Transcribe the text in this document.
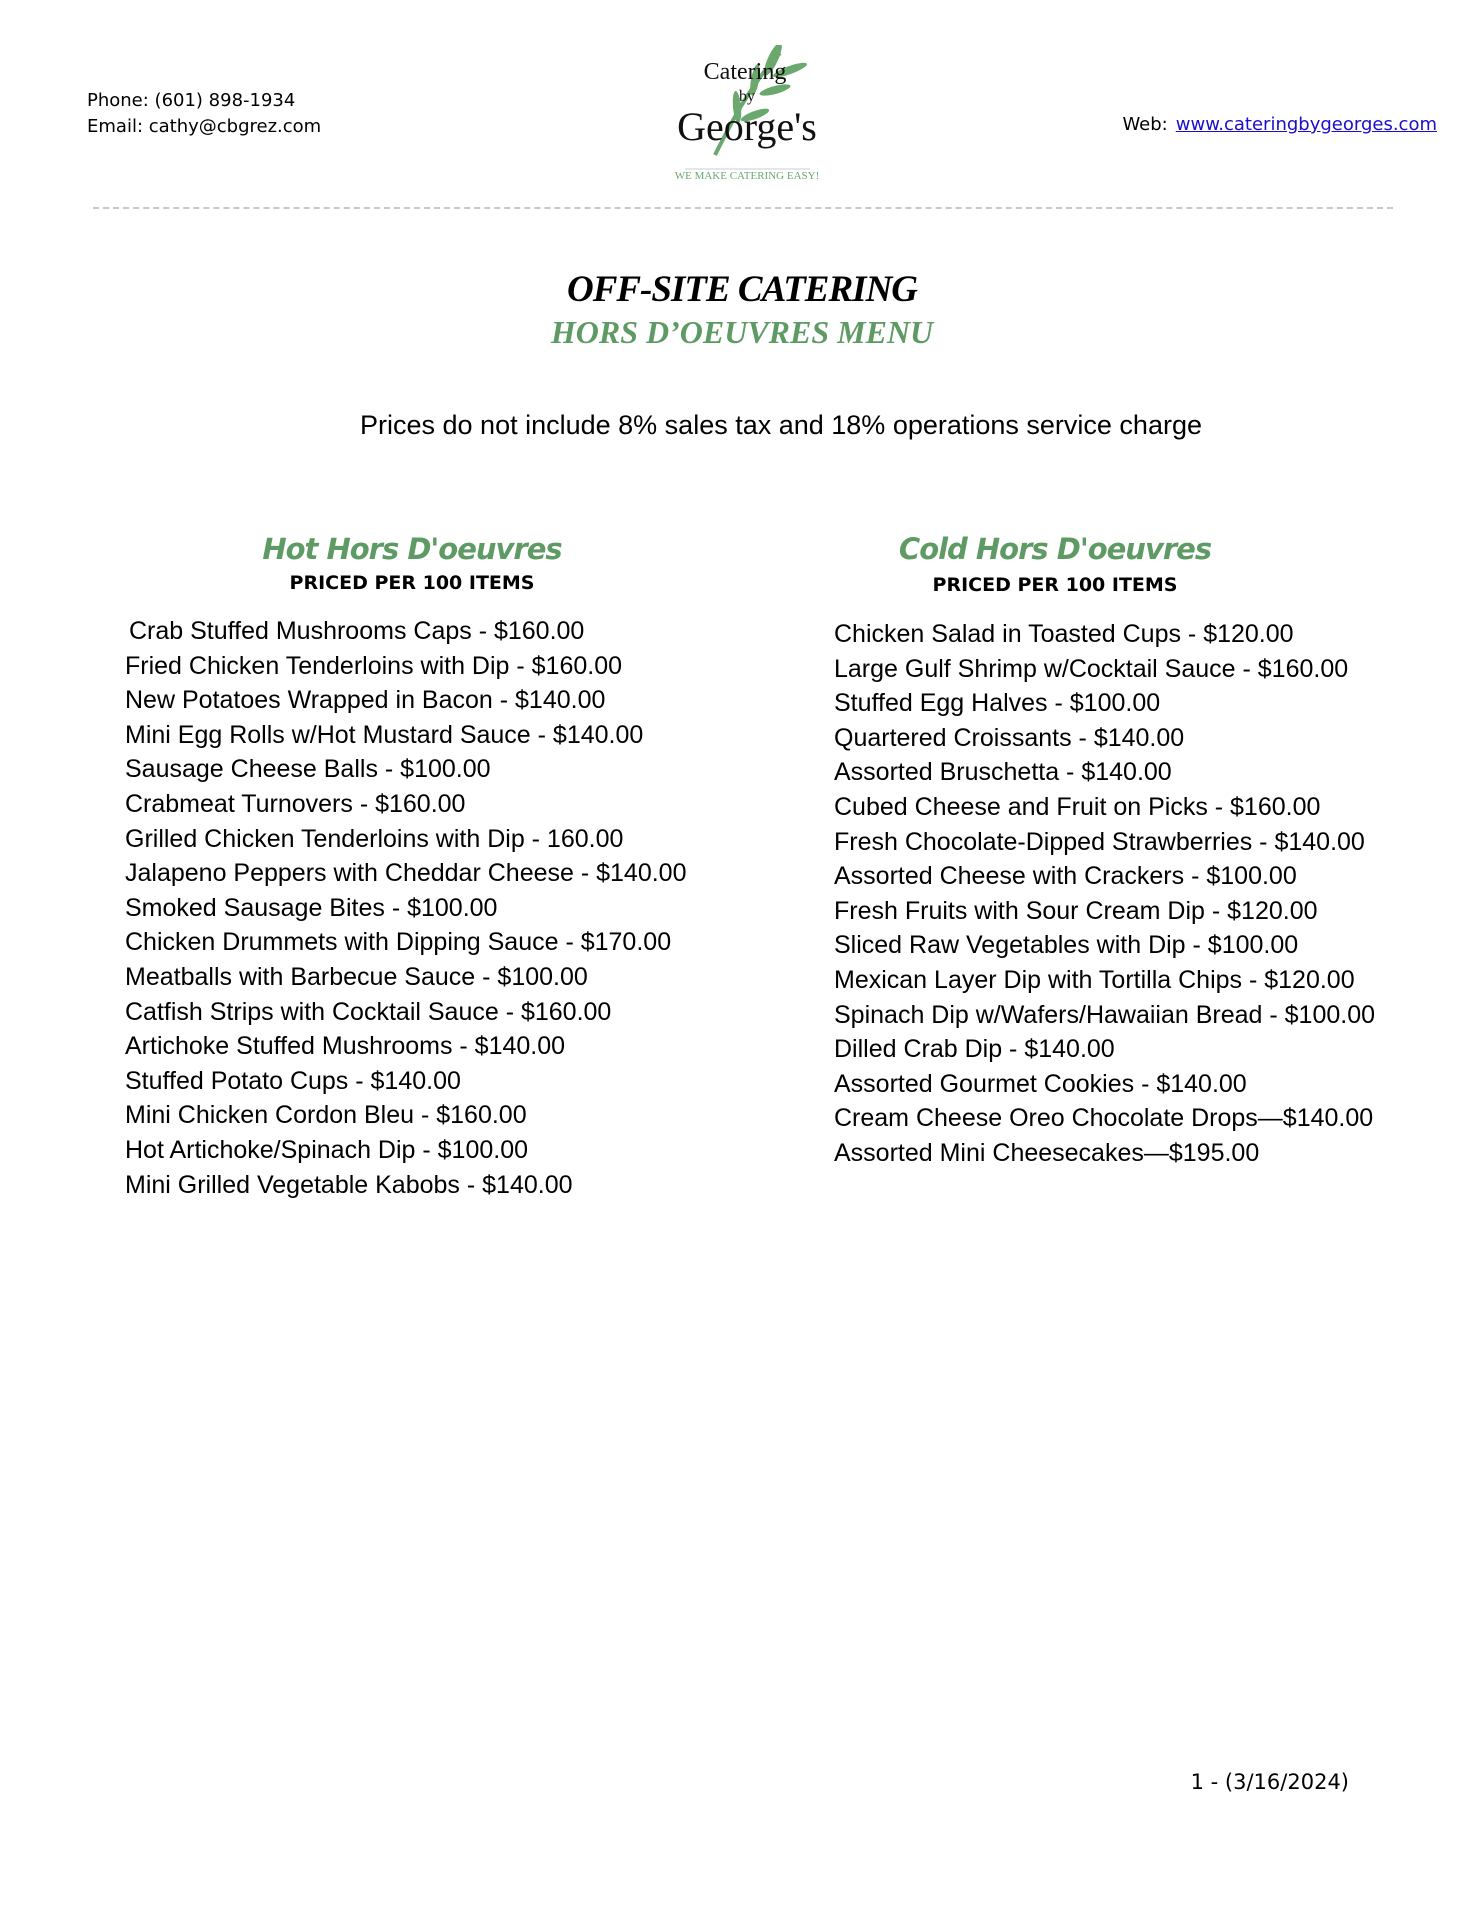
Phone: (601) 898-1934
Email: cathy@cbgrez.com
Catering
by
George's
WE MAKE CATERING EASY!
Web: www.cateringbygeorges.com
OFF-SITE CATERING
HORS D’OEUVRES MENU
Prices do not include 8% sales tax and 18% operations service charge
Hot Hors D'oeuvres
PRICED PER 100 ITEMS
Crab Stuffed Mushrooms Caps - $160.00
Fried Chicken Tenderloins with Dip - $160.00
New Potatoes Wrapped in Bacon - $140.00
Mini Egg Rolls w/Hot Mustard Sauce - $140.00
Sausage Cheese Balls - $100.00
Crabmeat Turnovers - $160.00
Grilled Chicken Tenderloins with Dip - 160.00
Jalapeno Peppers with Cheddar Cheese - $140.00
Smoked Sausage Bites - $100.00
Chicken Drummets with Dipping Sauce - $170.00
Meatballs with Barbecue Sauce - $100.00
Catfish Strips with Cocktail Sauce - $160.00
Artichoke Stuffed Mushrooms - $140.00
Stuffed Potato Cups - $140.00
Mini Chicken Cordon Bleu - $160.00
Hot Artichoke/Spinach Dip - $100.00
Mini Grilled Vegetable Kabobs - $140.00
Cold Hors D'oeuvres
PRICED PER 100 ITEMS
Chicken Salad in Toasted Cups - $120.00
Large Gulf Shrimp w/Cocktail Sauce - $160.00
Stuffed Egg Halves - $100.00
Quartered Croissants - $140.00
Assorted Bruschetta - $140.00
Cubed Cheese and Fruit on Picks - $160.00
Fresh Chocolate-Dipped Strawberries - $140.00
Assorted Cheese with Crackers - $100.00
Fresh Fruits with Sour Cream Dip - $120.00
Sliced Raw Vegetables with Dip - $100.00
Mexican Layer Dip with Tortilla Chips - $120.00
Spinach Dip w/Wafers/Hawaiian Bread - $100.00
Dilled Crab Dip - $140.00
Assorted Gourmet Cookies - $140.00
Cream Cheese Oreo Chocolate Drops—$140.00
Assorted Mini Cheesecakes—$195.00
1 - (3/16/2024)
